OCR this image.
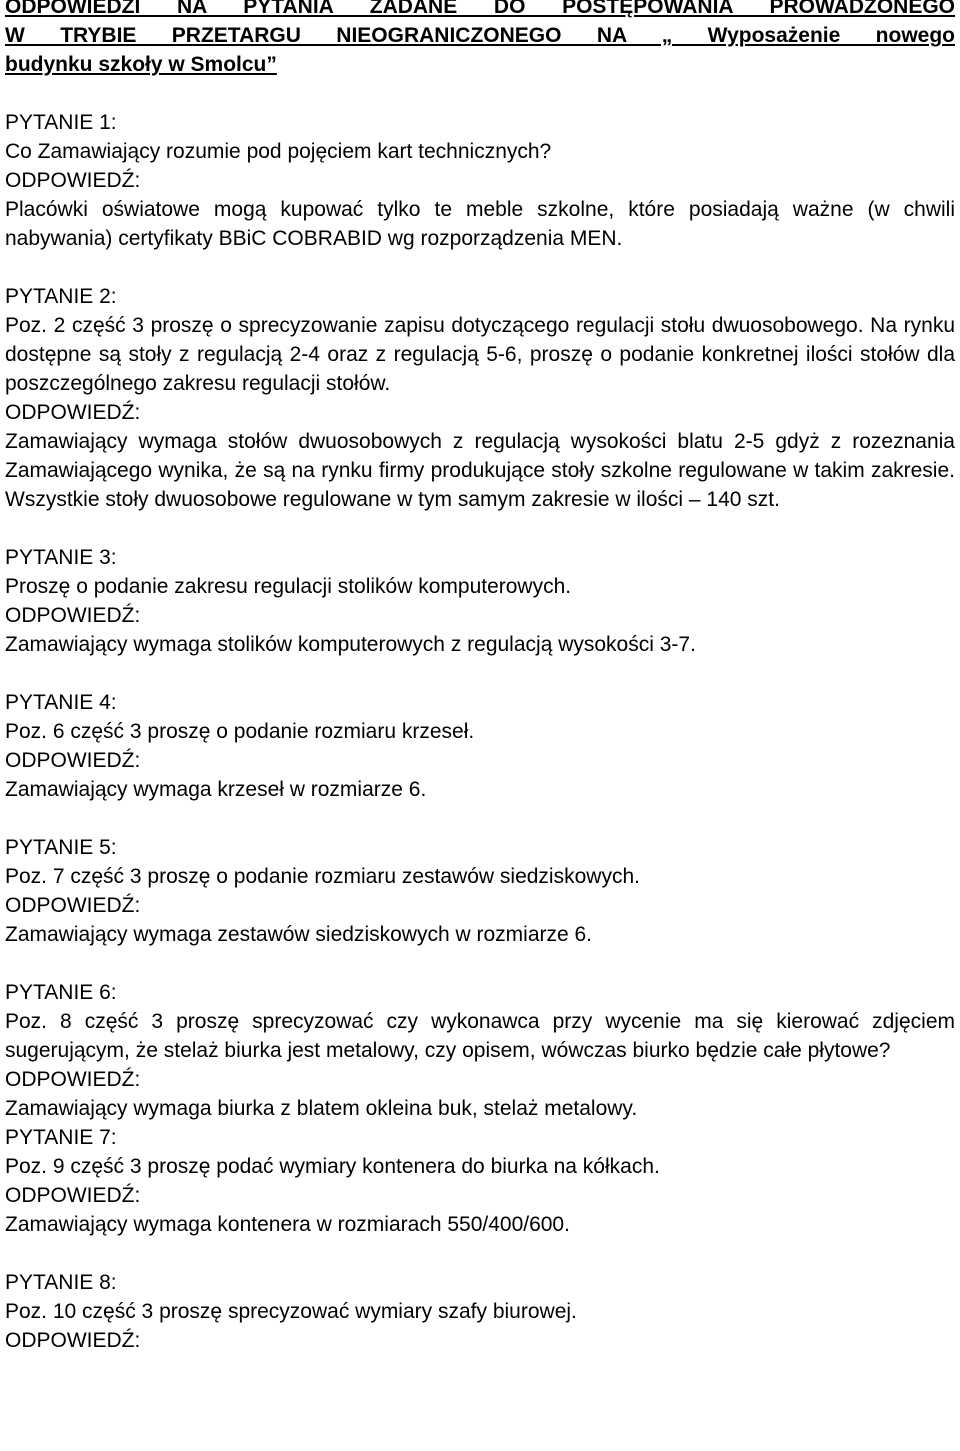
ODPOWIEDZI NA PYTANIA ZADANE DO POSTĘPOWANIA PROWADZONEGO
W TRYBIE PRZETARGU NIEOGRANICZONEGO NA „ Wyposażenie nowego
budynku szkoły w Smolcu”
PYTANIE 1:
Co Zamawiający rozumie pod pojęciem kart technicznych?
ODPOWIEDŹ:
Placówki oświatowe mogą kupować tylko te meble szkolne, które posiadają ważne (w chwili nabywania) certyfikaty BBiC COBRABID wg rozporządzenia MEN.
PYTANIE 2:
Poz. 2 część 3 proszę o sprecyzowanie zapisu dotyczącego regulacji stołu dwuosobowego. Na rynku dostępne są stoły z regulacją 2-4 oraz z regulacją 5-6, proszę o podanie konkretnej ilości stołów dla poszczególnego zakresu regulacji stołów.
ODPOWIEDŹ:
Zamawiający wymaga stołów dwuosobowych z regulacją wysokości blatu 2-5 gdyż z rozeznania Zamawiającego wynika, że są na rynku firmy produkujące stoły szkolne regulowane w takim zakresie. Wszystkie stoły dwuosobowe regulowane w tym samym zakresie w ilości – 140 szt.
PYTANIE 3:
Proszę o podanie zakresu regulacji stolików komputerowych.
ODPOWIEDŹ:
Zamawiający wymaga stolików komputerowych z regulacją wysokości 3-7.
PYTANIE 4:
Poz. 6 część 3 proszę o podanie rozmiaru krzeseł.
ODPOWIEDŹ:
Zamawiający wymaga krzeseł w rozmiarze 6.
PYTANIE 5:
Poz. 7 część 3 proszę o podanie rozmiaru zestawów siedziskowych.
ODPOWIEDŹ:
Zamawiający wymaga zestawów siedziskowych w rozmiarze 6.
PYTANIE 6:
Poz. 8 część 3 proszę sprecyzować czy wykonawca przy wycenie ma się kierować zdjęciem sugerującym, że stelaż biurka jest metalowy, czy opisem, wówczas biurko będzie całe płytowe?
ODPOWIEDŹ:
Zamawiający wymaga biurka z blatem okleina buk, stelaż metalowy.
PYTANIE 7:
Poz. 9 część 3 proszę podać wymiary kontenera do biurka na kółkach.
ODPOWIEDŹ:
Zamawiający wymaga kontenera w rozmiarach 550/400/600.
PYTANIE 8:
Poz. 10 część 3 proszę sprecyzować wymiary szafy biurowej.
ODPOWIEDŹ:
